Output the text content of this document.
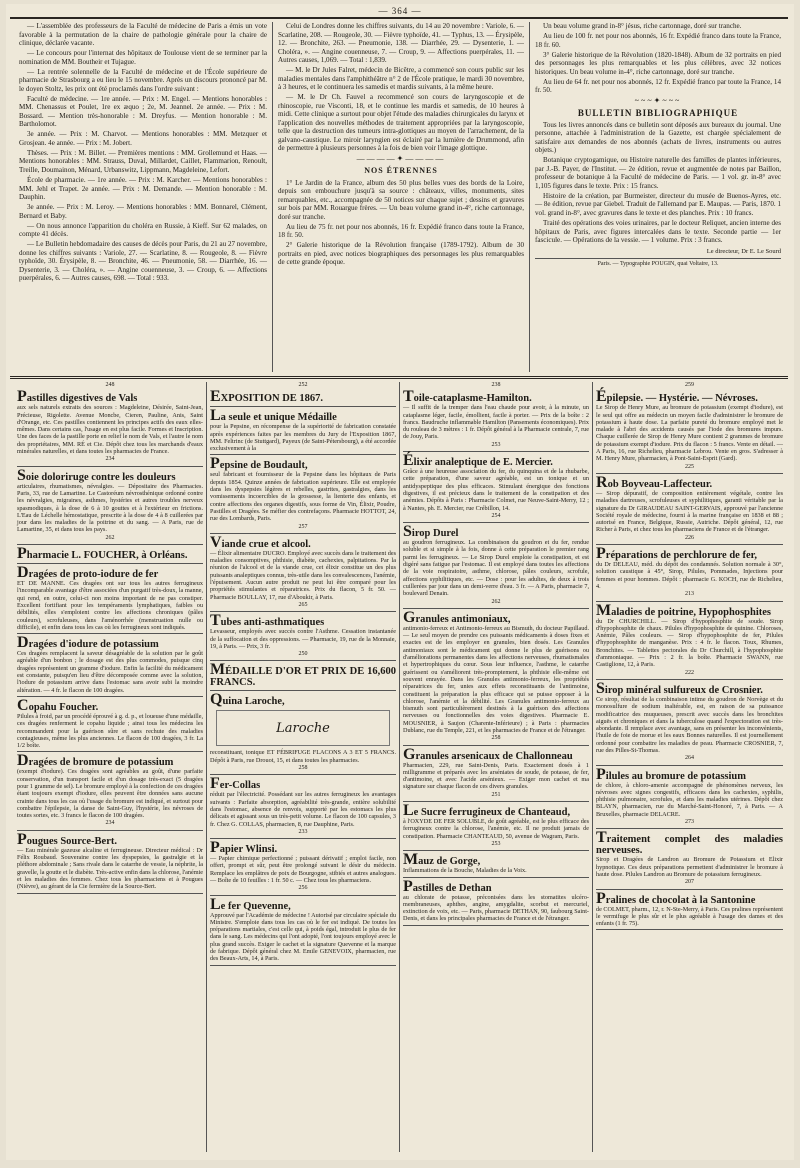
— 364 —

— L'assemblée des professeurs de la Faculté de médecine de Paris a émis un vote favorable à la permutation de la chaire de pathologie générale pour la chaire de clinique, déclarée vacante.

— Le concours pour l'internat des hôpitaux de Toulouse vient de se terminer par la nomination de MM. Boutheir et Tujague.

— La rentrée solennelle de la Faculté de médecine et de l'École supérieure de pharmacie de Strasbourg a eu lieu le 15 novembre. Après un discours prononcé par M. le doyen Stoltz, les prix ont été proclamés dans l'ordre suivant :

Faculté de médecine. — 1re année. — Prix : M. Engel. — Mentions honorables : MM. Chenassus et Poulet, 1re ex æquo ; 2e, M. Jeannel. 2e année. — Prix : M. Bossard. — Mention très-honorable : M. Dreyfus. — Mention honorable : M. Bartholomot.

3e année. — Prix : M. Charvot. — Mentions honorables : MM. Metzquer et Grosjean. 4e année. — Prix : M. Jobert.

Thèses. — Prix : M. Billet. — Premières mentions : MM. Grollemund et Haas. — Mentions honorables : MM. Strauss, Duval, Millardet, Caillet, Flammarion, Renoult, Treille, Doumainon, Ménard, Urbanswitz, Lippmann, Magdeleine, Lefort.

École de pharmacie. — 1re année. — Prix : M. Karcher. — Mentions honorables : MM. Jehl et Trapet. 2e année. — Prix : M. Demande. — Mention honorable : M. Dauphin.

3e année. — Prix : M. Leroy. — Mentions honorables : MM. Bonnarel, Clément, Bernard et Baby.

— On nous annonce l'apparition du choléra en Russie, à Kieff. Sur 62 malades, on compte 41 décès.

— Le Bulletin hebdomadaire des causes de décès pour Paris, du 21 au 27 novembre, donne les chiffres suivants : Variole, 27. — Scarlatine, 8. — Rougeole, 8. — Fièvre typhoïde, 30. Érysipèle, 8. — Bronchite, 46. — Pneumonie, 58. — Diarrhée, 16. — Dysenterie, 3. — Choléra, ». — Angine couenneuse, 3. — Croup, 6. — Affections puerpérales, 6. — Autres causes, 698. — Total : 933.

Celui de Londres donne les chiffres suivants, du 14 au 20 novembre : Variole, 6. — Scarlatine, 208. — Rougeole, 30. — Fièvre typhoïde, 41. — Typhus, 13. — Érysipèle, 12. — Bronchite, 263. — Pneumonie, 138. — Diarrhée, 29. — Dysenterie, 1. — Choléra, ». — Angine couenneuse, 7. — Croup, 9. — Affections puerpérales, 11. — Autres causes, 1,069. — Total : 1,839.

— M. le Dr Jules Falret, médecin de Bicêtre, a commencé son cours public sur les maladies mentales dans l'amphithéâtre n° 2 de l'École pratique, le mardi 30 novembre, à 3 heures, et le continuera les samedis et mardis suivants, à la même heure.

— M. le Dr Ch. Fauvel a recommencé son cours de laryngoscopie et de rhinoscopie, rue Visconti, 18, et le continue les mardis et samedis, de 10 heures à midi. Cette clinique a surtout pour objet l'étude des maladies chirurgicales du larynx et l'application des nouvelles méthodes de traitement appropriées par la laryngoscopie, telle que la destruction des tumeurs intra-glottiques au moyen de l'arrachement, de la galvano-caustique. Le miroir laryngien est éclairé par la lumière de Drummond, afin de permettre à plusieurs personnes à la fois de bien voir l'image glottique.

————✦————
NOS ÉTRENNES

1° Le Jardin de la France, album des 50 plus belles vues des bords de la Loire, depuis son embouchure jusqu'à sa source : châteaux, villes, monuments, sites remarquables, etc., accompagnée de 50 notices sur chaque sujet ; dessins et gravures sur bois par MM. Rouargue frères. — Un beau volume grand in-4°, riche cartonnage, doré sur tranche.

Au lieu de 75 fr. net pour nos abonnés, 16 fr. Expédié franco dans toute la France, 18 fr. 50.

2° Galerie historique de la Révolution française (1789-1792). Album de 30 portraits en pied, avec notices biographiques des personnages les plus remarquables de cette grande époque.

Un beau volume grand in-8° jésus, riche cartonnage, doré sur tranche.

Au lieu de 100 fr. net pour nos abonnés, 16 fr. Expédié franco dans toute la France, 18 fr. 60.

3° Galerie historique de la Révolution (1820-1848). Album de 32 portraits en pied des personnages les plus remarquables et les plus célèbres, avec 32 notices historiques. Un beau volume in-4°, riche cartonnage, doré sur tranche.

Au lieu de 64 fr. net pour nos abonnés, 12 fr. Expédié franco par toute la France, 14 fr. 50.

~~~✦~~~
BULLETIN BIBLIOGRAPHIQUE

Tous les livres annoncés dans ce bulletin sont déposés aux bureaux du journal. Une personne, attachée à l'administration de la Gazette, est chargée spécialement de satisfaire aux demandes de nos abonnés (achats de livres, instruments ou autres objets.)

Botanique cryptogamique, ou Histoire naturelle des familles de plantes inférieures, par J.-B. Payer, de l'Institut. — 2e édition, revue et augmentée de notes par Baillon, professeur de botanique à la Faculté de médecine de Paris. — 1 vol. gr. in-8° avec 1,105 figures dans le texte. Prix : 15 francs.

Histoire de la création, par Burmeister, directeur du musée de Buenos-Ayres, etc. — 8e édition, revue par Giebel. Traduit de l'allemand par E. Maupas. — Paris, 1870. 1 vol. grand in-8°, avec gravures dans le texte et des planches. Prix : 10 francs.

Traité des opérations des voies urinaires, par le docteur Reliquet, ancien interne des hôpitaux de Paris, avec figures intercalées dans le texte. Seconde partie — 1er fascicule. — Opérations de la vessie. — 1 volume. Prix : 3 francs.

Le directeur, Dr E. Le Sourd
Paris. — Typographie POUGIN, quai Voltaire, 13.
248
Pastilles digestives de Vals

aux sels naturels extraits des sources : Magdeleine, Désirée, Saint-Jean, Précieuse, Rigolette. Avenue Moncbe, Cieren, Pauline, Anis, Saint d'Orange, etc. Ces pastilles contiennent les principes actifs des eaux elles-mêmes. Dans certains cas, l'usage en est plus facile. Formes et Inscription. Une des faces de la pastille porte en relief le nom de Vals, et l'autre le nom des propriétaires, MM. RÉ et Cie. Dépôt chez tous les marchands d'eaux minérales naturelles, et dans toutes les pharmacies de France.

234
Soie doloriruge contre les douleurs

articulaires, rhumatismes, névralgies. — Dépositaire des Pharmacies. Paris, 33, rue de Lamartine. Le Castoréum névrosthénique ordonné contre les névralgies, migraines, asthmes, hystéries et autres troubles nerveux spasmodiques, à la dose de 6 à 10 gouttes et à l'extérieur en frictions. L'Eau de Léchelle hémostatique, prescrite à la dose de 4 à 8 cuillerées par jour dans les maladies de la poitrine et du sang. — A Paris, rue de Lamartine, 35, et dans tous les pays.

262
Pharmacie L. FOUCHER, à Orléans.
Dragées de proto-iodure de fer

ET DE MANNE. Ces dragées ont sur tous les autres ferrugineux l'incomparable avantage d'être associées d'un purgatif très-doux, la manne, qui rend, en outre, celui-ci non moins important de ne pas constiper. Excellent fortifiant pour les tempéraments lymphatiques, faibles ou débilités, elles s'emploient contre les affections chroniques (pâles couleurs), scrofuleuses, dans l'aménorrhée (menstruation nulle ou difficile), et enfin dans tous les cas où les ferrugineux sont indiqués.

Dragées d'iodure de potassium

Ces dragées remplacent la saveur désagréable de la solution par le goût agréable d'un bonbon ; le dosage est des plus commodes, puisque cinq dragées représentent un gramme d'iodure. Enfin la facilité du médicament est constante, puisqu'en lieu d'être décomposée comme avec la solution, l'iodure de potassium arrive dans l'estomac sans avoir subi la moindre altération. — 4 fr. le flacon de 100 dragées.

Copahu Foucher.

Pilules à froid, par un procédé éprouvé à g. d. p., et loueuse d'une médaille, ces dragées renferment le copahu liquide ; ainsi tous les médecins les recommandent pour la guérison sûre et sans rechute des maladies contagieuses, même les plus anciennes. Le flacon de 100 dragées, 3 fr. La 1/2 boîte.

Dragées de bromure de potassium

(exempt d'iodure). Ces dragées sont agréables au goût, d'une parfaite conservation, d'un transport facile et d'un dosage très-exact (5 dragées pour 1 gramme de sel). Le bromure employé à la confection de ces dragées étant toujours exempt d'iodure, elles peuvent être données sans aucune crainte dans tous les cas où l'usage du bromure est indiqué, et surtout pour combattre l'épilepsie, la danse de Saint-Guy, l'hystérie, les névroses de toutes sortes, etc. 3 francs le flacon de 100 dragées.

234
Pougues Source-Bert.

— Eau minérale gazeuse alcaline et ferrugineuse. Directeur médical : Dr Félix Roubaud. Souveraine contre les dyspepsies, la gastralgie et la pléthore abdominale ; Sans rivale dans le catarrhe de vessie, la néphrite, la gravelle, la goutte et le diabète. Très-active enfin dans la chlorose, l'anémie et les maladies des femmes. Chez tous les pharmaciens et à Pougues (Nièvre), au gérant de la Cie fermière de la Source-Bert.

252
EXPOSITION DE 1867.
La seule et unique Médaille

pour la Pepsine, en récompense de la supériorité de fabrication constatée après expériences faites par les membres du Jury de l'Exposition 1867, MM. Feltrinc (de Stuttgard), Payeux (de Saint-Pétersbourg), a été accordée exclusivement à la

Pepsine de Boudault,

seul fabricant et fournisseur de la Pepsine dans les hôpitaux de Paris depuis 1854. Quinze années de fabrication supérieure. Elle est employée dans les dyspepsies légères et rebelles, gastrites, gastralgies, dans les vomissements incoercibles de la grossesse, la lienterie des enfants, et contre affections des organes digestifs, sous forme de Vin, Élixir, Poudre, Pastilles et Dragées. Se méfier des contrefaçons. Pharmacie HOTTOT, 24, rue des Lombards, Paris.

257
Viande crue et alcool.

— Élixir alimentaire DUCRO. Employé avec succès dans le traitement des maladies consomptives, phthisie, diabète, cachexies, palpitations. Par la réunion de l'alcool et de la viande crue, cet élixir constitue un des plus puissants analeptiques connus, très-utile dans les convalescences, l'anémie, l'épuisement. Aucun autre produit ne peut lui être comparé pour les propriétés stimulantes et réparatrices. Prix du flacon, 5 fr. 50. — Pharmacie BOULLAY, 17, rue d'Aboukir, à Paris.

265
Tubes anti-asthmatiques

Levasseur, employés avec succès contre l'Asthme. Cessation instantanée de la suffocation et des oppressions. — Pharmacie, 19, rue de la Monnaie, 19, à Paris. — Prix, 3 fr.

250
MÉDAILLE D'OR ET PRIX DE 16,600 FRANCS.
Quina Laroche,
Laroche

reconstituant, tonique ET FÉBRIFUGE FLACONS A 3 ET 5 FRANCS. Dépôt à Paris, rue Drouot, 15, et dans toutes les pharmacies.

258
Fer-Collas

réduit par l'électricité. Possédant sur les autres ferrugineux les avantages suivants : Parfaite absorption, agréabilité très-grande, entière solubilité dans l'estomac, absence de renvois, supporté par les estomacs les plus délicats et agissant sous un très-petit volume. Le flacon de 100 capsules, 3 fr. Chez G. COLLAS, pharmacien, 8, rue Dauphine, Paris.

233
Papier Wlinsi.

— Papier chimique perfectionné ; puissant dérivatif ; emploi facile, non offert, prompt et sûr, peut être prolongé suivant le désir du médecin. Remplace les emplâtres de poix de Bourgogne, stibiés et autres analogues. — Boîte de 10 feuilles : 1 fr. 50 c. — Chez tous les pharmaciens.

256
Le fer Quevenne,

Approuvé par l'Académie de médecine ! Autorisé par circulaire spéciale du Ministre. S'emploie dans tous les cas où le fer est indiqué. De toutes les préparations martiales, c'est celle qui, à poids égal, introduit le plus de fer dans le sang. Les médecins qui l'ont adopté, l'ont toujours employé avec le plus grand succès. Exiger le cachet et la signature Quevenne et la marque de fabrique. Dépôt général chez M. Emile GENEVOIX, pharmacien, rue des Beaux-Arts, 14, à Paris.

238
Toile-cataplasme-Hamilton.

— Il suffit de la tremper dans l'eau chaude pour avoir, à la minute, un cataplasme léger, facile, émollient, facile à porter. — Prix de la boîte : 2 francs. Baudruche inflammable Hamilton (Pansements économiques). Prix du rouleau de 3 mètres : 1 fr. Dépôt général à la Pharmacie centrale, 7, rue de Jouy, Paris.

253
Élixir analeptique de E. Mercier.

Grâce à une heureuse association du fer, du quinquina et de la rhubarbe, cette préparation, d'une saveur agréable, est un tonique et un antidyspeptique des plus efficaces. Stimulant énergique des fonctions digestives, il est précieux dans le traitement de la constipation et des anémies. Dépôts à Paris : Pharmacie Colmet, rue Neuve-Saint-Merry, 12 ; à Nantes, ph. E. Mercier, rue Crébillon, 14.

254
Sirop Durel

au goudron ferrugineux. La combinaison du goudron et du fer, rendue soluble et si simple à la fois, donne à cette préparation le premier rang parmi les ferrugineux. — Le Sirop Durel emploie la constipation, et est digéré sans fatigue par l'estomac. Il est employé dans toutes les affections de la voie respiratoire, asthme, chlorose, pâles couleurs, scrofule, affections syphilitiques, etc. — Dose : pour les adultes, de deux à trois cuillerées par jour dans un demi-verre d'eau. 3 fr. — A Paris, pharmacie 7, boulevard Denain.

262
Granules antimoniaux,

antimonio-ferreux et Antimonio-ferreux au Bismuth, du docteur Papillaud. — Le seul moyen de prendre ces puissants médicaments à doses fixes et exactes est de les employer en granules, bien dosés. Les Granules antimoniaux sont le médicament qui donne le plus de guérisons ou d'améliorations permanentes dans les affections nerveuses, rhumatismales et hypertrophiques du cœur. Sous leur influence, l'asthme, le catarrhe guérissent ou s'améliorent très-promptement, la phthisie elle-même est souvent enrayée. Dans les Granules antimonio-ferreux, les propriétés réparatrices du fer, unies aux effets reconstituants de l'antimoine, constituent la préparation la plus efficace qui se puisse opposer à la chlorose, l'anémie et la débilité. Les Granules antimonio-ferreux au bismuth sont particulièrement destinés à la guérison des affections nerveuses ou fonctionnelles des voies digestives. Pharmacie E. MOUSNIER, à Saujon (Charente-Inférieure) ; à Paris : pharmacies Dublanc, rue du Temple, 221, et les pharmacies de France et de l'étranger.

258
Granules arsenicaux de Challonneau

Pharmacien, 229, rue Saint-Denis, Paris. Exactement dosés à 1 milligramme et préparés avec les arséniates de soude, de potasse, de fer, d'antimoine, et avec l'acide arsénieux. — Exiger mon cachet et ma signature sur chaque flacon de ces divers granules.

251
Le Sucre ferrugineux de Chanteaud,

à l'OXYDE DE FER SOLUBLE, de goût agréable, est le plus efficace des ferrugineux contre la chlorose, l'anémie, etc. Il ne produit jamais de constipation. Pharmacie CHANTEAUD, 50, avenue de Wagram, Paris.

253
Mauz de Gorge,

Inflammations de la Bouche, Maladies de la Voix.

Pastilles de Dethan

au chlorate de potasse, préconisées dans les stomatites ulcéro-membraneuses, aphthes, angine, amygdalite, scorbut et mercuriel, extinction de voix, etc. — Paris, pharmacie DETHAN, 90, faubourg Saint-Denis, et dans les principales pharmacies de France et de l'étranger.

259
Épilepsie. — Hystérie. — Névroses.

Le Sirop de Henry Mure, au bromure de potassium (exempt d'iodure), est le seul qui offre au médecin un moyen facile d'administrer le bromure de potassium à haute dose. La parfaite pureté du bromure employé met le malade à l'abri des accidents causés par l'iode des bromures impurs. Chaque cuillerée de Sirop de Henry Mure contient 2 grammes de bromure de potassium exempt d'iodure. Prix du flacon : 5 francs. Vente en détail. — A Paris, 16, rue Richelieu, pharmacie Lebrou. Vente en gros. S'adresser à M. Henry Mure, pharmacien, à Pont-Saint-Esprit (Gard).

225
Rob Boyveau-Laffecteur.

— Sirop dépuratif, de composition entièrement végétale, contre les maladies dartreuses, scrofuleuses et syphilitiques, garanti véritable par la signature du Dr GIRAUDEAU SAINT-GERVAIS, approuvé par l'ancienne Société royale de médecine, fourni à la marine française en 1838 et 88 ; autorisé en France, Belgique, Russie, Autriche. Dépôt général, 12, rue Richer à Paris, et chez tous les pharmaciens de France et de l'étranger.

226
Préparations de perchlorure de fer,

du Dr DELEAU, méd. du dépôt des condamnés. Solution normale à 30°, solution caustique à 45°, Sirop, Pilules, Pommades, Injections pour femmes et pour hommes. Dépôt : pharmacie G. KOCH, rue de Richelieu, 4.

213
Maladies de poitrine, Hypophosphites

du Dr CHURCHILL. — Sirop d'hypophosphite de soude. Sirop d'hypophosphite de chaux. Pilules d'hypophosphite de quinine. Chloroses, Anémie, Pâles couleurs. — Sirop d'hypophosphite de fer, Pilules d'hypophosphite de manganèse. Prix : 4 fr. le flacon. Toux, Rhumes, Bronchites. — Tablettes pectorales du Dr Churchill, à l'hypophosphite d'ammoniaque. — Prix : 2 fr. la boîte. Pharmacie SWANN, rue Castiglione, 12, à Paris.

222
Sirop minéral sulfureux de Crosnier.

Ce sirop, résultat de la combinaison intime du goudron de Norvège et du monosulfure de sodium inaltérable, est, en raison de sa puissance modificatrice des muqueuses, prescrit avec succès dans les bronchites aiguës et chroniques et dans la tuberculose quand l'expectoration est très-abondante. Il remplace avec avantage, sans en présenter les inconvénients, l'huile de foie de morue et les eaux Bonnes naturelles. Il est journellement ordonné pour combattre les maladies de peau. Pharmacie CROSNIER, 7, rue des Pilles-St-Thomas.

264
Pilules au bromure de potassium

de chlore, à chloro-amenie accompagné de phénomènes nerveux, les névroses avec signes congestifs, efficaces dans les cachexies, syphilis, phthisie pulmonaire, scrofules, et dans les maladies utérines. Dépôt chez BLAYN, pharmacien, rue du Marché-Saint-Honoré, 7, à Paris. — A Bruxelles, pharmacie DELACRE.

273
Traitement complet des maladies nerveuses.

Sirop et Dragées de Landron au Bromure de Potassium et Elixir hypnotique. Ces deux préparations permettent d'administrer le bromure à haute dose. Pilules Landron au Bromure de potassium ferrugineux.

207
Pralines de chocolat à la Santonine

de COLMET, pharm., 12, r. N-Ste-Merry, à Paris. Ces pralines représentent le vermifuge le plus sûr et le plus agréable à l'usage des dames et des enfants (1 fr. 75).
